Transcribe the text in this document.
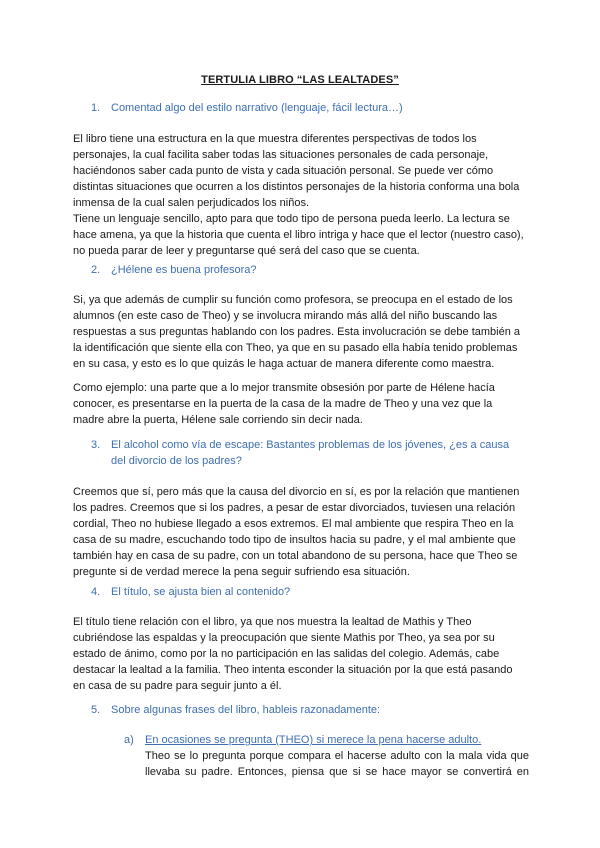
TERTULIA LIBRO “LAS LEALTADES”
1. Comentad algo del estilo narrativo (lenguaje, fácil lectura…)
El libro tiene una estructura en la que muestra diferentes perspectivas de todos los
personajes, la cual facilita saber todas las situaciones personales de cada personaje,
haciéndonos saber cada punto de vista y cada situación personal. Se puede ver cómo
distintas situaciones que ocurren a los distintos personajes de la historia conforma una bola
inmensa de la cual salen perjudicados los niños.
Tiene un lenguaje sencillo, apto para que todo tipo de persona pueda leerlo. La lectura se
hace amena, ya que la historia que cuenta el libro intriga y hace que el lector (nuestro caso),
no pueda parar de leer y preguntarse qué será del caso que se cuenta.
2. ¿Hélene es buena profesora?
Si, ya que además de cumplir su función como profesora, se preocupa en el estado de los
alumnos (en este caso de Theo) y se involucra mirando más allá del niño buscando las
respuestas a sus preguntas hablando con los padres. Esta involucración se debe también a
la identificación que siente ella con Theo, ya que en su pasado ella había tenido problemas
en su casa, y esto es lo que quizás le haga actuar de manera diferente como maestra.
Como ejemplo: una parte que a lo mejor transmite obsesión por parte de Hélene hacía
conocer, es presentarse en la puerta de la casa de la madre de Theo y una vez que la
madre abre la puerta, Hélene sale corriendo sin decir nada.
3. El alcohol como vía de escape: Bastantes problemas de los jóvenes, ¿es a causa
del divorcio de los padres?
Creemos que sí, pero más que la causa del divorcio en sí, es por la relación que mantienen
los padres. Creemos que si los padres, a pesar de estar divorciados, tuviesen una relación
cordial, Theo no hubiese llegado a esos extremos. El mal ambiente que respira Theo en la
casa de su madre, escuchando todo tipo de insultos hacia su padre, y el mal ambiente que
también hay en casa de su padre, con un total abandono de su persona, hace que Theo se
pregunte si de verdad merece la pena seguir sufriendo esa situación.
4. El título, se ajusta bien al contenido?
El título tiene relación con el libro, ya que nos muestra la lealtad de Mathis y Theo
cubriéndose las espaldas y la preocupación que siente Mathis por Theo, ya sea por su
estado de ánimo, como por la no participación en las salidas del colegio. Además, cabe
destacar la lealtad a la familia. Theo intenta esconder la situación por la que está pasando
en casa de su padre para seguir junto a él.
5. Sobre algunas frases del libro, hableis razonadamente:
a)	En ocasiones se pregunta (THEO) si merece la pena hacerse adulto.
Theo se lo pregunta porque compara el hacerse adulto con la mala vida que
llevaba su padre. Entonces, piensa que si se hace mayor se convertirá en
